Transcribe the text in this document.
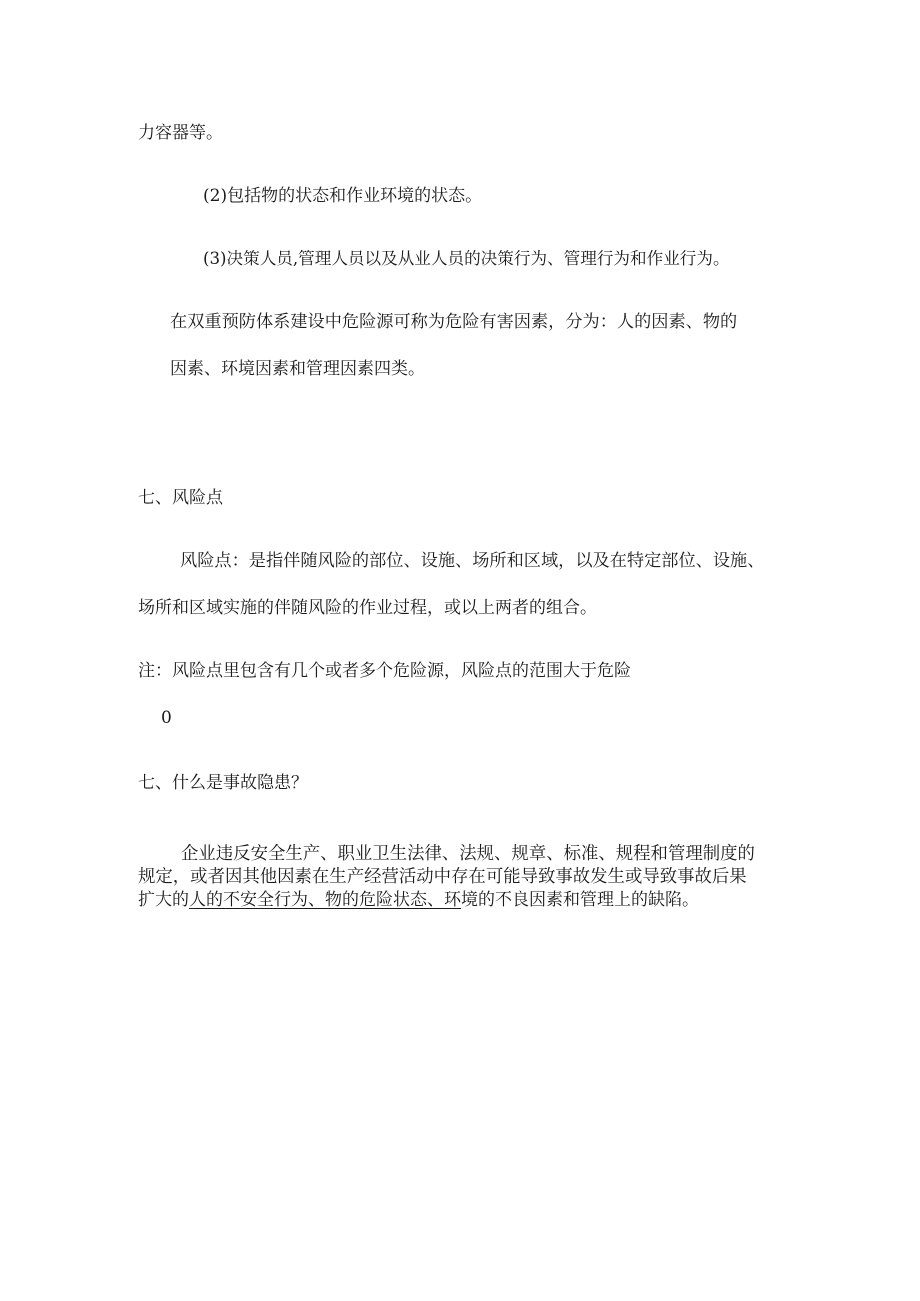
力容器等。
(2)包括物的状态和作业环境的状态。
(3)决策人员,管理人员以及从业人员的决策行为、管理行为和作业行为。
在双重预防体系建设中危险源可称为危险有害因素，分为：人的因素、物的
因素、环境因素和管理因素四类。
七、风险点
风险点：是指伴随风险的部位、设施、场所和区域，以及在特定部位、设施、
场所和区域实施的伴随风险的作业过程，或以上两者的组合。
注：风险点里包含有几个或者多个危险源，风险点的范围大于危险
0
七、什么是事故隐患？
企业违反安全生产、职业卫生法律、法规、规章、标准、规程和管理制度的
规定，或者因其他因素在生产经营活动中存在可能导致事故发生或导致事故后果
扩大的人的不安全行为、物的危险状态、环境的不良因素和管理上的缺陷。
